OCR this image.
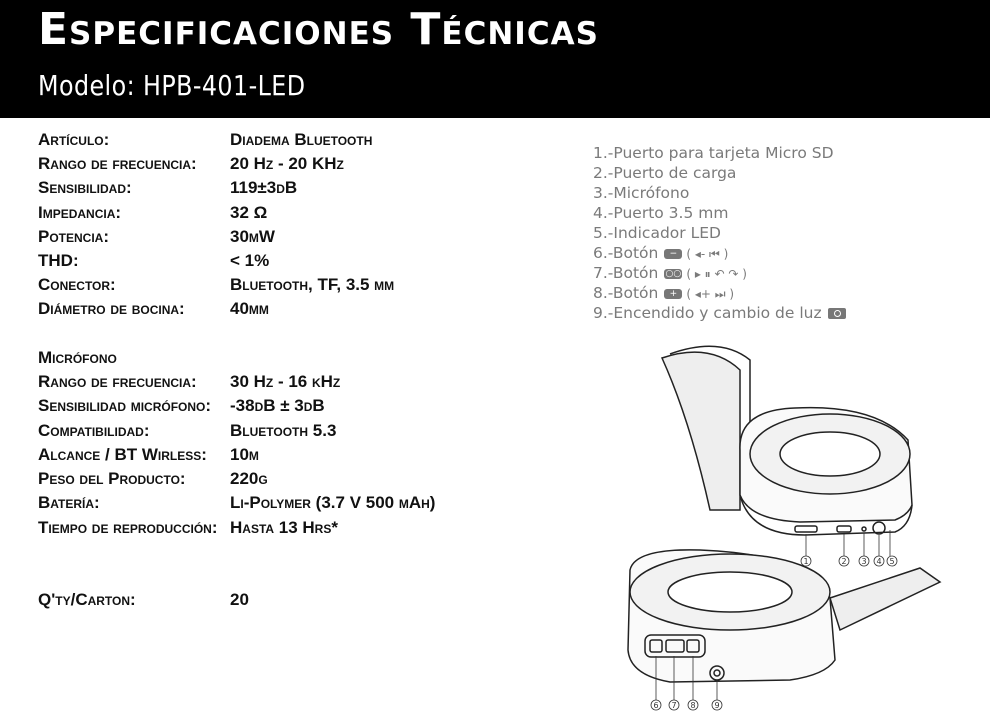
Especificaciones Técnicas
Modelo: HPB-401-LED
Artículo:	Diadema Bluetooth
Rango de frecuencia: 20 Hz - 20 KHz
Sensibilidad:	119±3dB
Impedancia:	32 Ω
Potencia:	30mW
THD:	< 1%
Conector:	Bluetooth, TF, 3.5 mm
Diámetro de bocina:	40mm
Micrófono
Rango de frecuencia: 30 Hz - 16 kHz
Sensibilidad micrófono: -38dB ± 3dB
Compatibilidad:	Bluetooth 5.3
Alcance / BT Wirless: 10m
Peso del Producto:	220g
Batería:	Li-Polymer (3.7 V 500 mAh)
Tiempo de reproducción: Hasta 13 Hrs*
Q'ty/Carton:	20
1.-Puerto para tarjeta Micro SD
2.-Puerto de carga
3.-Micrófono
4.-Puerto 3.5 mm
5.-Indicador LED
6.-Botón − ( ◂- ⏮ )
7.-Botón ○○ ( ▸ ⏸ ↶ ↷ )
8.-Botón + ( ◂+ ⏭ )
9.-Encendido y cambio de luz
1	2 3 4 5
6 7 8 9
